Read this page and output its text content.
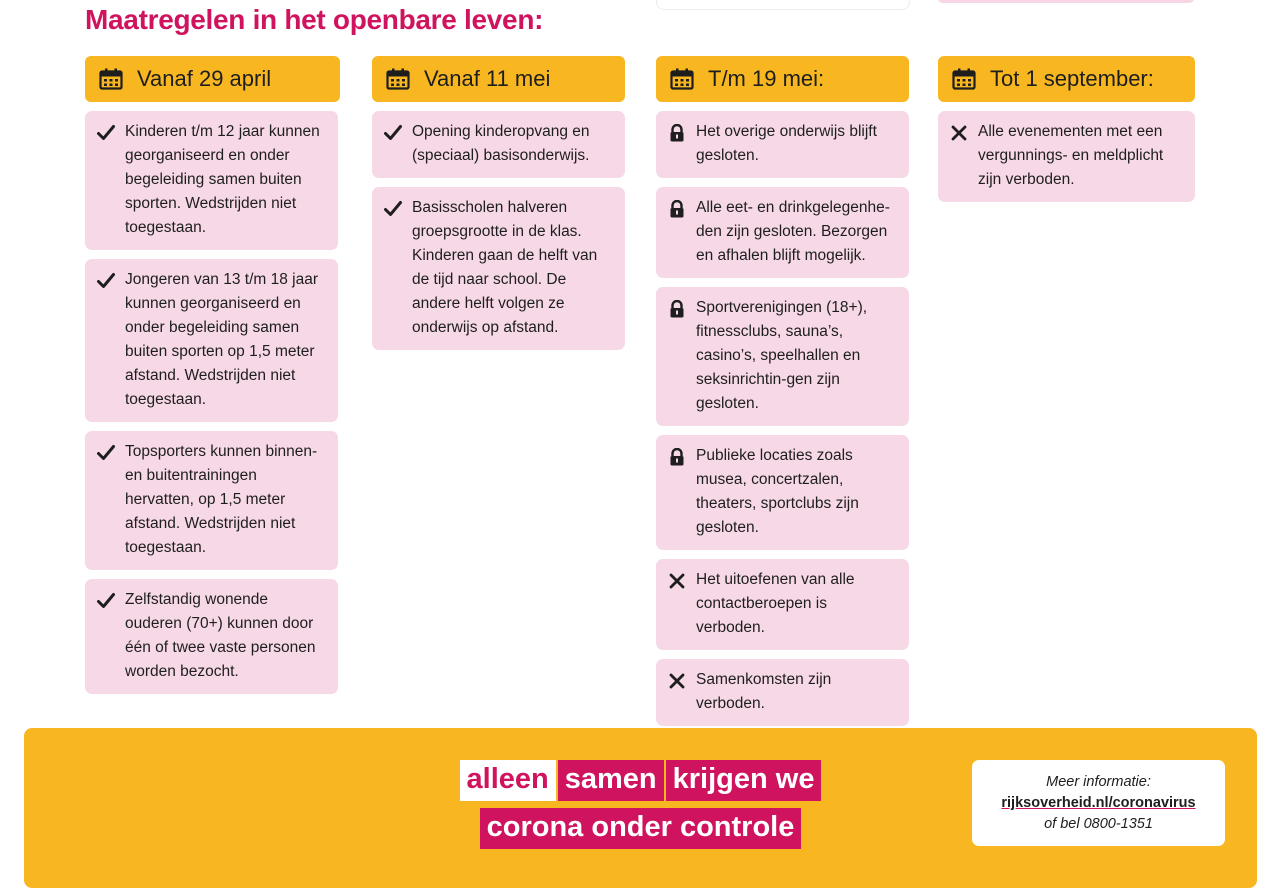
Maatregelen in het openbare leven:
Vanaf 29 april
Kinderen t/m 12 jaar kunnen georganiseerd en onder begeleiding samen buiten sporten. Wedstrijden niet toegestaan.
Jongeren van 13 t/m 18 jaar kunnen georganiseerd en onder begeleiding samen buiten sporten op 1,5 meter afstand. Wedstrijden niet toegestaan.
Topsporters kunnen binnen- en buitentrainingen hervatten, op 1,5 meter afstand. Wedstrijden niet toegestaan.
Zelfstandig wonende ouderen (70+) kunnen door één of twee vaste personen worden bezocht.
Vanaf 11 mei
Opening kinderopvang en (speciaal) basisonderwijs.
Basisscholen halveren groepsgrootte in de klas. Kinderen gaan de helft van de tijd naar school. De andere helft volgen ze onderwijs op afstand.
T/m 19 mei:
Het overige onderwijs blijft gesloten.
Alle eet- en drinkgelegenhe-den zijn gesloten. Bezorgen en afhalen blijft mogelijk.
Sportverenigingen (18+), fitnessclubs, sauna’s, casino’s, speelhallen en seksinrichtin-gen zijn gesloten.
Publieke locaties zoals musea, concertzalen, theaters, sportclubs zijn gesloten.
Het uitoefenen van alle contactberoepen is verboden.
Samenkomsten zijn verboden.
Tot 1 september:
Alle evenementen met een vergunnings- en meldplicht zijn verboden.
alleen samen krijgen we
corona onder controle
Meer informatie:
rijksoverheid.nl/coronavirus
of bel 0800-1351
